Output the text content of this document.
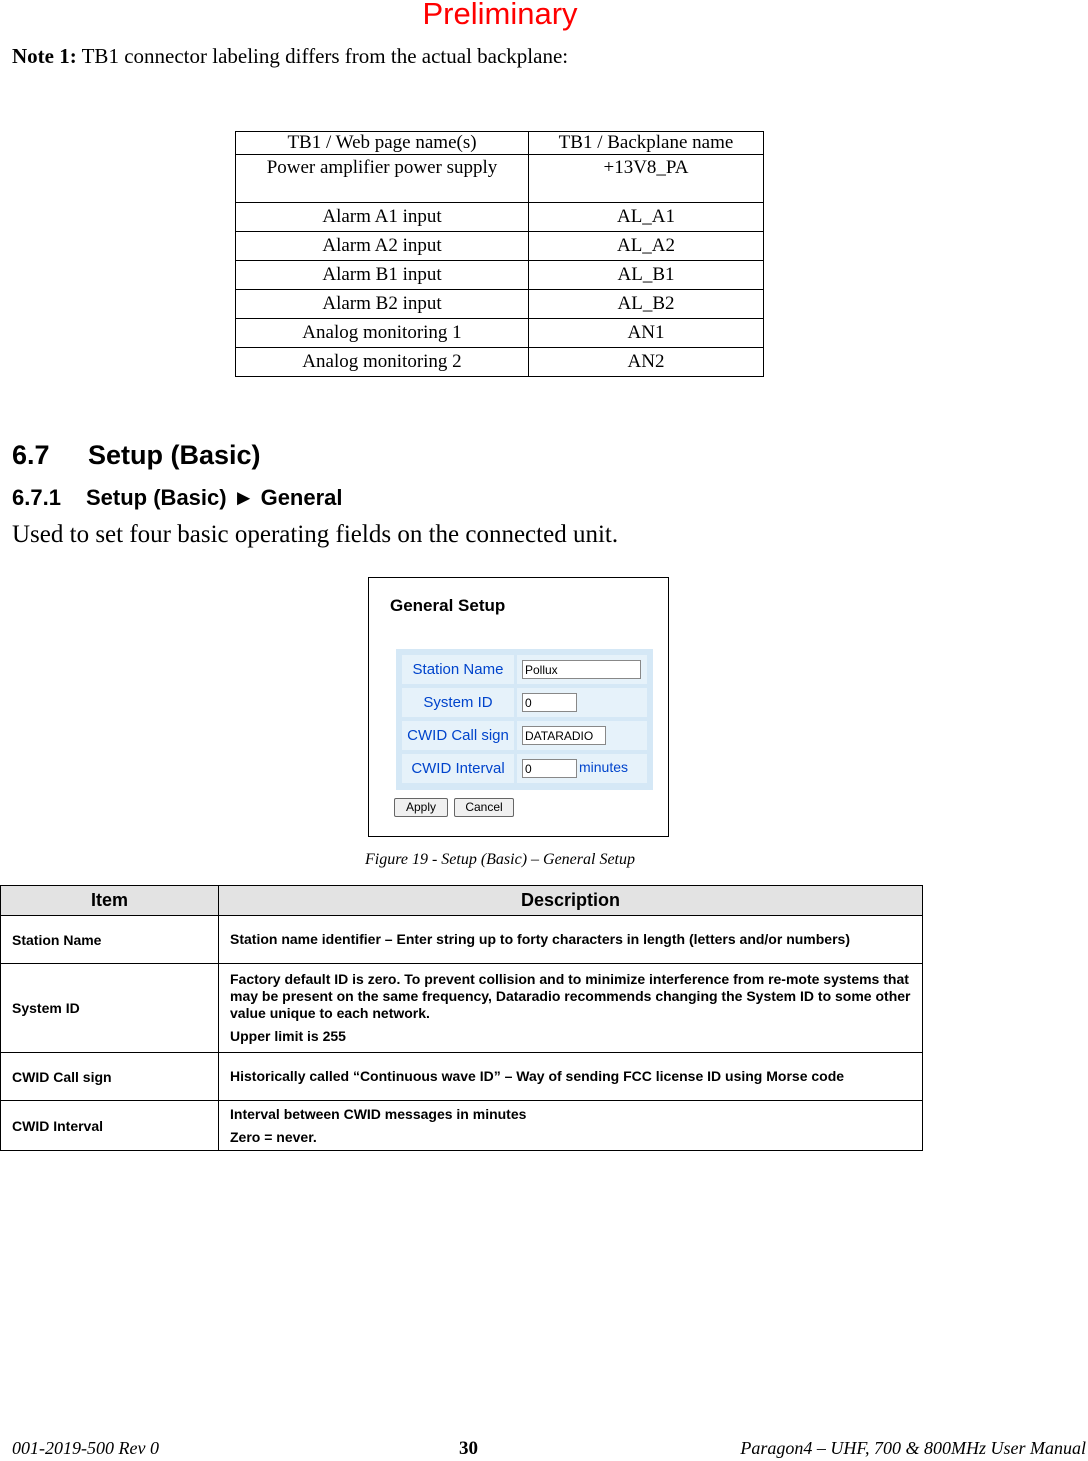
Preliminary
Note 1: TB1 connector labeling differs from the actual backplane:
TB1 / Web page name(s)	TB1 / Backplane name
Power amplifier power supply	+13V8_PA
Alarm A1 input	AL_A1
Alarm A2 input	AL_A2
Alarm B1 input	AL_B1
Alarm B2 input	AL_B2
Analog monitoring 1	AN1
Analog monitoring 2	AN2
6.7 Setup (Basic)
6.7.1 Setup (Basic) ► General
Used to set four basic operating fields on the connected unit.
General Setup
Station Name	Pollux
System ID	0
CWID Call sign	DATARADIO
CWID Interval	0	minutes
Apply	Cancel
Figure 19 - Setup (Basic) – General Setup
Item	Description
Station Name	Station name identifier – Enter string up to forty characters in length (letters and/or numbers)

System ID	Factory default ID is zero. To prevent collision and to minimize interference from re-mote systems that may be present on the same frequency, Dataradio recommends changing the System ID to some other value unique to each network.

Upper limit is 255

CWID Call sign	Historically called “Continuous wave ID” – Way of sending FCC license ID using Morse code

CWID Interval	Interval between CWID messages in minutes

Zero = never.

001-2019-500 Rev 0	30	Paragon4 – UHF, 700 & 800MHz User Manual
